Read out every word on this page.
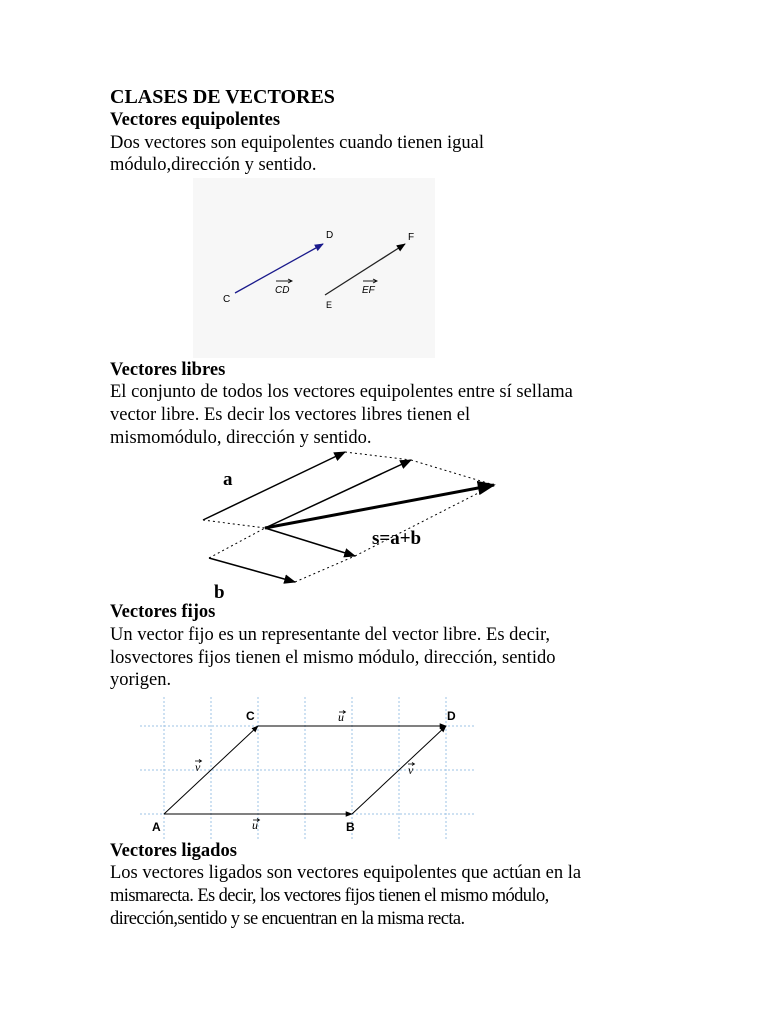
CLASES DE VECTORES
Vectores equipolentes
Dos vectores son equipolentes cuando tienen igual
módulo,dirección y sentido.
C
D
E
F
CD	EF
Vectores libres
El conjunto de todos los vectores equipolentes entre sí sellama
vector libre. Es decir los vectores libres tienen el
mismomódulo, dirección y sentido.
a
b
s=a+b
Vectores fijos
Un vector fijo es un representante del vector libre. Es decir,
losvectores fijos tienen el mismo módulo, dirección, sentido
yorigen.
A	B
C	D
u
u
v	v
Vectores ligados
Los vectores ligados son vectores equipolentes que actúan en la
mismarecta. Es decir, los vectores fijos tienen el mismo módulo,
dirección,sentido y se encuentran en la misma recta.
